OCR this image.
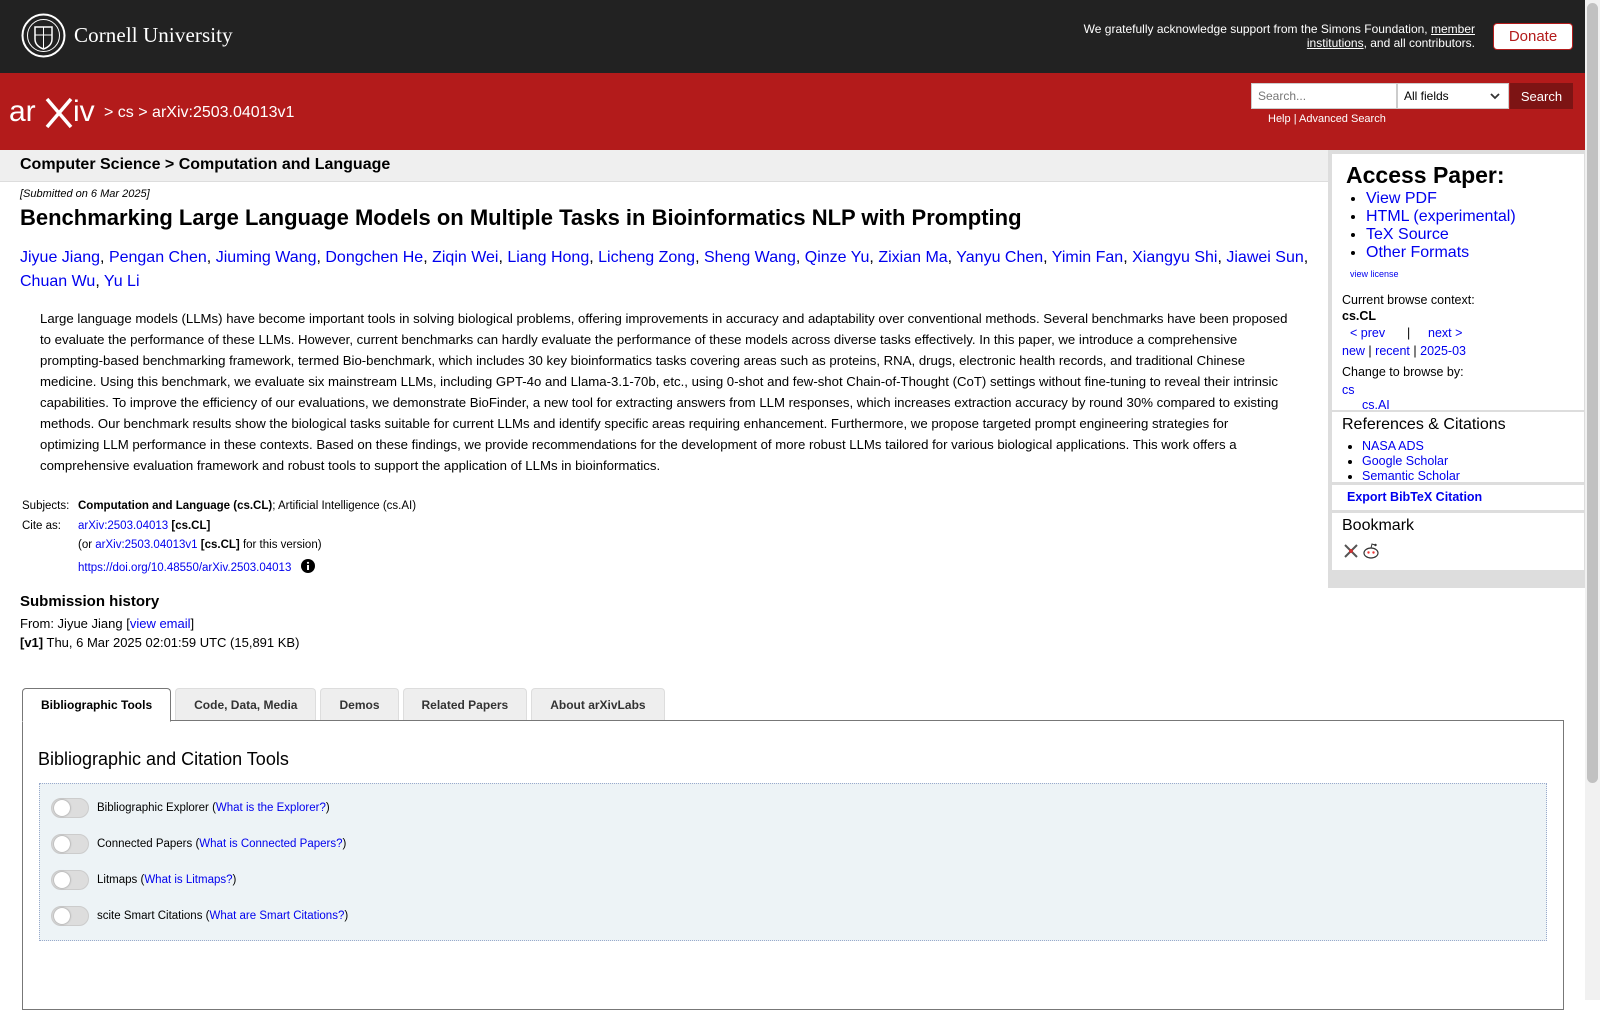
Cornell University	We gratefully acknowledge support from the Simons Foundation, member institutions, and all contributors.	Donate
ar iv > cs > arXiv:2503.04013v1
Search...	All fields	Search
Help | Advanced Search
Computer Science > Computation and Language
[Submitted on 6 Mar 2025]
Benchmarking Large Language Models on Multiple Tasks in Bioinformatics NLP with Prompting
Jiyue Jiang, Pengan Chen, Jiuming Wang, Dongchen He, Ziqin Wei, Liang Hong, Licheng Zong, Sheng Wang, Qinze Yu, Zixian Ma, Yanyu Chen, Yimin Fan, Xiangyu Shi, Jiawei Sun, Chuan Wu, Yu Li

Large language models (LLMs) have become important tools in solving biological problems, offering improvements in accuracy and adaptability over conventional methods. Several benchmarks have been proposed to evaluate the performance of these LLMs. However, current benchmarks can hardly evaluate the performance of these models across diverse tasks effectively. In this paper, we introduce a comprehensive prompting-based benchmarking framework, termed Bio-benchmark, which includes 30 key bioinformatics tasks covering areas such as proteins, RNA, drugs, electronic health records, and traditional Chinese medicine. Using this benchmark, we evaluate six mainstream LLMs, including GPT-4o and Llama-3.1-70b, etc., using 0-shot and few-shot Chain-of-Thought (CoT) settings without fine-tuning to reveal their intrinsic capabilities. To improve the efficiency of our evaluations, we demonstrate BioFinder, a new tool for extracting answers from LLM responses, which increases extraction accuracy by round 30% compared to existing methods. Our benchmark results show the biological tasks suitable for current LLMs and identify specific areas requiring enhancement. Furthermore, we propose targeted prompt engineering strategies for optimizing LLM performance in these contexts. Based on these findings, we provide recommendations for the development of more robust LLMs tailored for various biological applications. This work offers a comprehensive evaluation framework and robust tools to support the application of LLMs in bioinformatics.

Subjects: Computation and Language (cs.CL); Artificial Intelligence (cs.AI)
Cite as:	arXiv:2503.04013 [cs.CL]
(or arXiv:2503.04013v1 [cs.CL] for this version)
https://doi.org/10.48550/arXiv.2503.04013
Submission history
From: Jiyue Jiang [view email]
[v1] Thu, 6 Mar 2025 02:01:59 UTC (15,891 KB)
Bibliographic Tools	Code, Data, Media	Demos	Related Papers	About arXivLabs
Bibliographic and Citation Tools
Bibliographic Explorer ( What is the Explorer? )
Connected Papers ( What is Connected Papers? )
Litmaps ( What is Litmaps? )
scite Smart Citations ( What are Smart Citations? )
Access Paper:
• View PDF
• HTML (experimental)
• TeX Source
• Other Formats
view license
Current browse context:
cs.CL
< prev | next >
new | recent | 2025-03
Change to browse by:
cs
cs.AI
References & Citations
• NASA ADS
• Google Scholar
• Semantic Scholar
Export BibTeX Citation
Bookmark
